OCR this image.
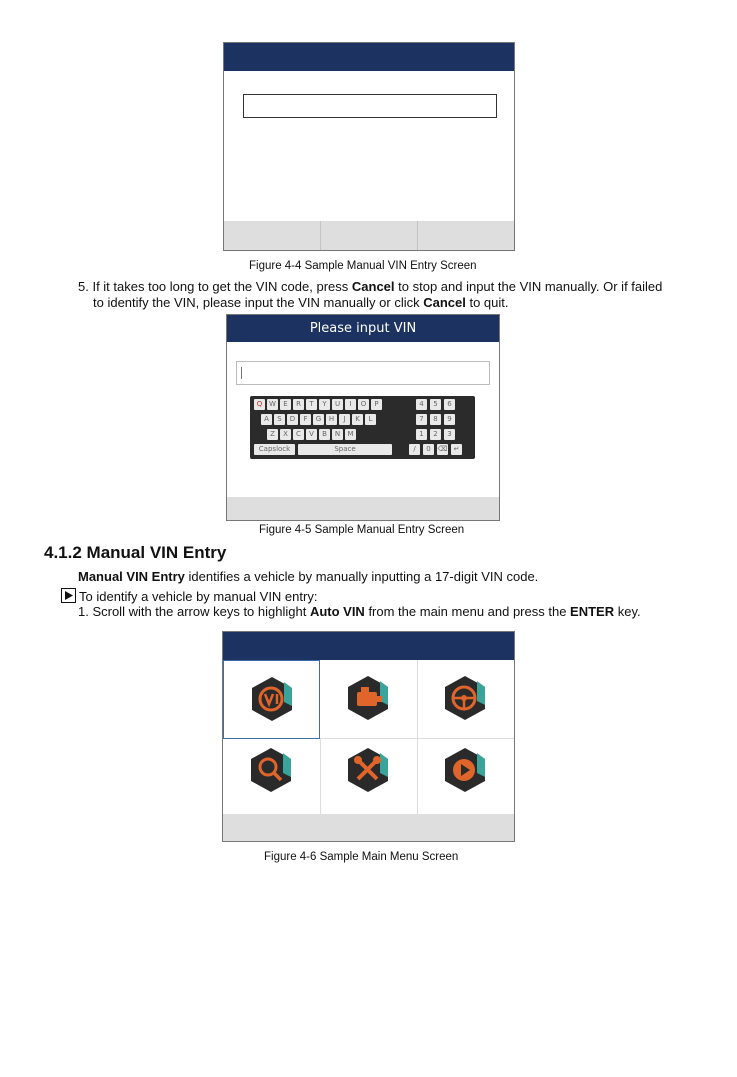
Figure 4-4 Sample Manual VIN Entry Screen
5. If it takes too long to get the VIN code, press Cancel to stop and input the VIN manually. Or if failed
to identify the VIN, please input the VIN manually or click Cancel to quit.
Please input VIN
Q W	E	R	T	Y	U	I	O	P
A	S	D	F	G	H	J	K	L
Z	X	C	V	B	N	M
Capslock	Space
4	5	6
7	8	9
1	2	3
/	0 ⌫ ↵
Figure 4-5 Sample Manual Entry Screen
4.1.2 Manual VIN Entry
Manual VIN Entry identifies a vehicle by manually inputting a 17-digit VIN code.
To identify a vehicle by manual VIN entry:
1. Scroll with the arrow keys to highlight Auto VIN from the main menu and press the ENTER key.
Figure 4-6 Sample Main Menu Screen
